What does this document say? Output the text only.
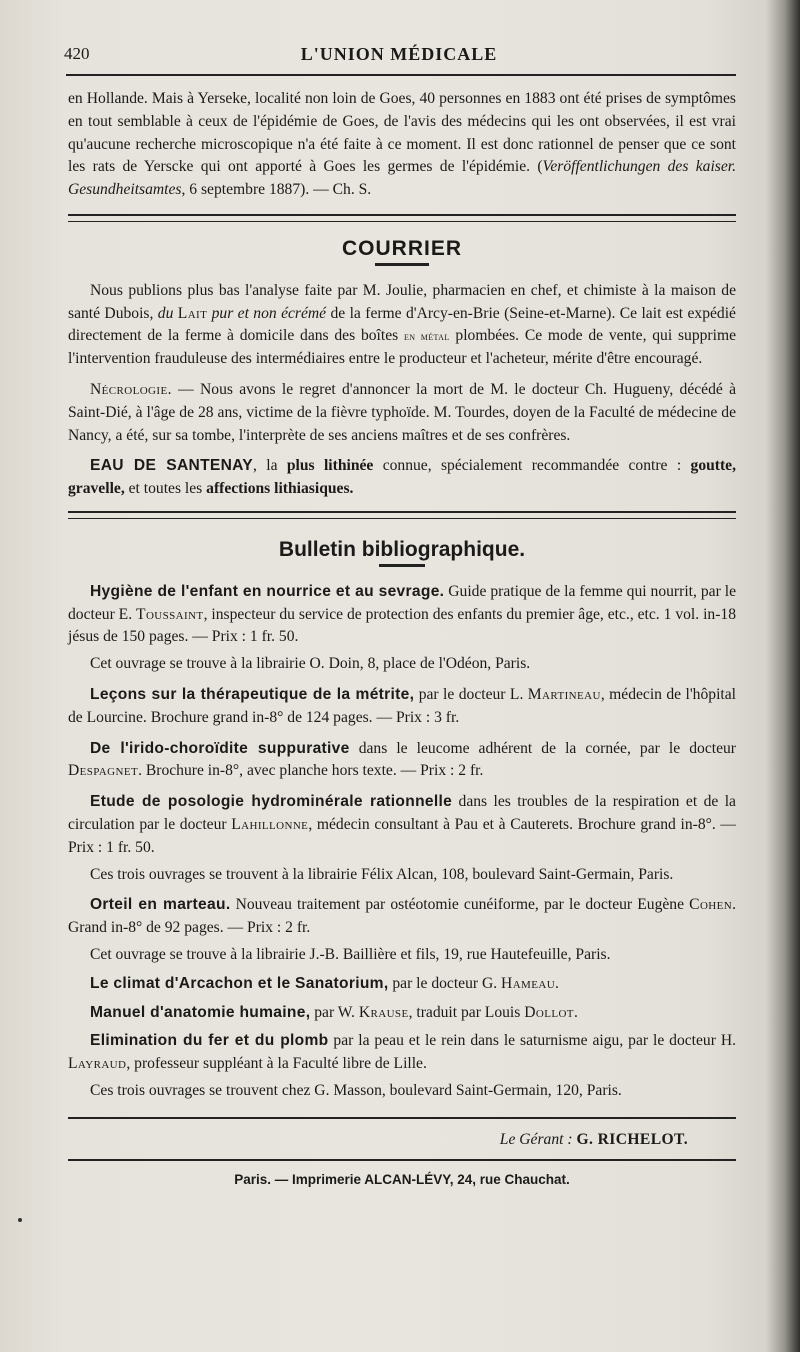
420	L'UNION MÉDICALE

en Hollande. Mais à Yerseke, localité non loin de Goes, 40 personnes en 1883 ont été prises de symptômes en tout semblable à ceux de l'épidémie de Goes, de l'avis des médecins qui les ont observées, il est vrai qu'aucune recherche microscopique n'a été faite à ce moment. Il est donc rationnel de penser que ce sont les rats de Yerscke qui ont apporté à Goes les germes de l'épidémie. (Veröffentlichungen des kaiser. Gesundheitsamtes, 6 septembre 1887). — Ch. S.

COURRIER

Nous publions plus bas l'analyse faite par M. Joulie, pharmacien en chef, et chimiste à la maison de santé Dubois, du Lait pur et non écrémé de la ferme d'Arcy-en-Brie (Seine-et-Marne). Ce lait est expédié directement de la ferme à domicile dans des boîtes en métal plombées. Ce mode de vente, qui supprime l'intervention frauduleuse des intermédiaires entre le producteur et l'acheteur, mérite d'être encouragé.

Nécrologie. — Nous avons le regret d'annoncer la mort de M. le docteur Ch. Hugueny, décédé à Saint-Dié, à l'âge de 28 ans, victime de la fièvre typhoïde. M. Tourdes, doyen de la Faculté de médecine de Nancy, a été, sur sa tombe, l'interprète de ses anciens maîtres et de ses confrères.

EAU DE SANTENAY, la plus lithinée connue, spécialement recommandée contre : goutte, gravelle, et toutes les affections lithiasiques.

Bulletin bibliographique.

Hygiène de l'enfant en nourrice et au sevrage. Guide pratique de la femme qui nourrit, par le docteur E. Toussaint, inspecteur du service de protection des enfants du premier âge, etc., etc. 1 vol. in-18 jésus de 150 pages. — Prix : 1 fr. 50.

Cet ouvrage se trouve à la librairie O. Doin, 8, place de l'Odéon, Paris.

Leçons sur la thérapeutique de la métrite, par le docteur L. Martineau, médecin de l'hôpital de Lourcine. Brochure grand in-8° de 124 pages. — Prix : 3 fr.

De l'irido-choroïdite suppurative dans le leucome adhérent de la cornée, par le docteur Despagnet. Brochure in-8°, avec planche hors texte. — Prix : 2 fr.

Etude de posologie hydrominérale rationnelle dans les troubles de la respiration et de la circulation par le docteur Lahillonne, médecin consultant à Pau et à Cauterets. Brochure grand in-8°. — Prix : 1 fr. 50.

Ces trois ouvrages se trouvent à la librairie Félix Alcan, 108, boulevard Saint-Germain, Paris.

Orteil en marteau. Nouveau traitement par ostéotomie cunéiforme, par le docteur Eugène Cohen. Grand in-8° de 92 pages. — Prix : 2 fr.

Cet ouvrage se trouve à la librairie J.-B. Baillière et fils, 19, rue Hautefeuille, Paris.

Le climat d'Arcachon et le Sanatorium, par le docteur G. Hameau.

Manuel d'anatomie humaine, par W. Krause, traduit par Louis Dollot.

Elimination du fer et du plomb par la peau et le rein dans le saturnisme aigu, par le docteur H. Layraud, professeur suppléant à la Faculté libre de Lille.

Ces trois ouvrages se trouvent chez G. Masson, boulevard Saint-Germain, 120, Paris.

Le Gérant : G. RICHELOT.

Paris. — Imprimerie ALCAN-LÉVY, 24, rue Chauchat.
